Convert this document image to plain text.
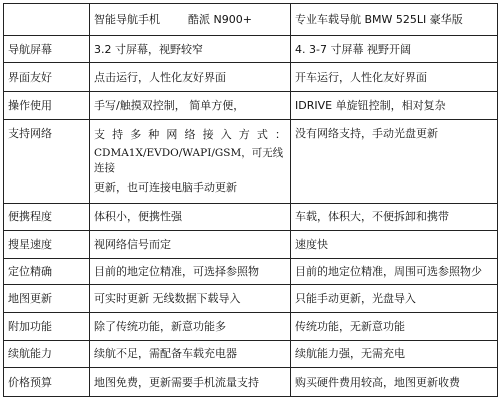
	智能导航手机 酷派 N900+	专业车载导航 BMW 525LI 豪华版
导航屏幕	3.2 寸屏幕，视野较窄	4. 3-7 寸屏幕 视野开阔
界面友好	点击运行，人性化友好界面	开车运行，人性化友好界面
操作使用	手写/触摸双控制， 简单方便，	IDRIVE 单旋钮控制，相对复杂
支持网络	支持多种网络接入方式：
CDMA1X/EVDO/WAPI/GSM，可无线连接
更新，也可连接电脑手动更新	没有网络支持，手动光盘更新
便携程度	体积小，便携性强	车载，体积大，不便拆卸和携带
搜星速度	视网络信号而定	速度快
定位精确	目前的地定位精准，可选择参照物	目前的地定位精准，周围可选参照物少
地图更新	可实时更新 无线数据下载导入	只能手动更新，光盘导入
附加功能	除了传统功能，新意功能多	传统功能，无新意功能
续航能力	续航不足，需配备车载充电器	续航能力强，无需充电
价格预算	地图免费，更新需要手机流量支持	购买硬件费用较高，地图更新收费
